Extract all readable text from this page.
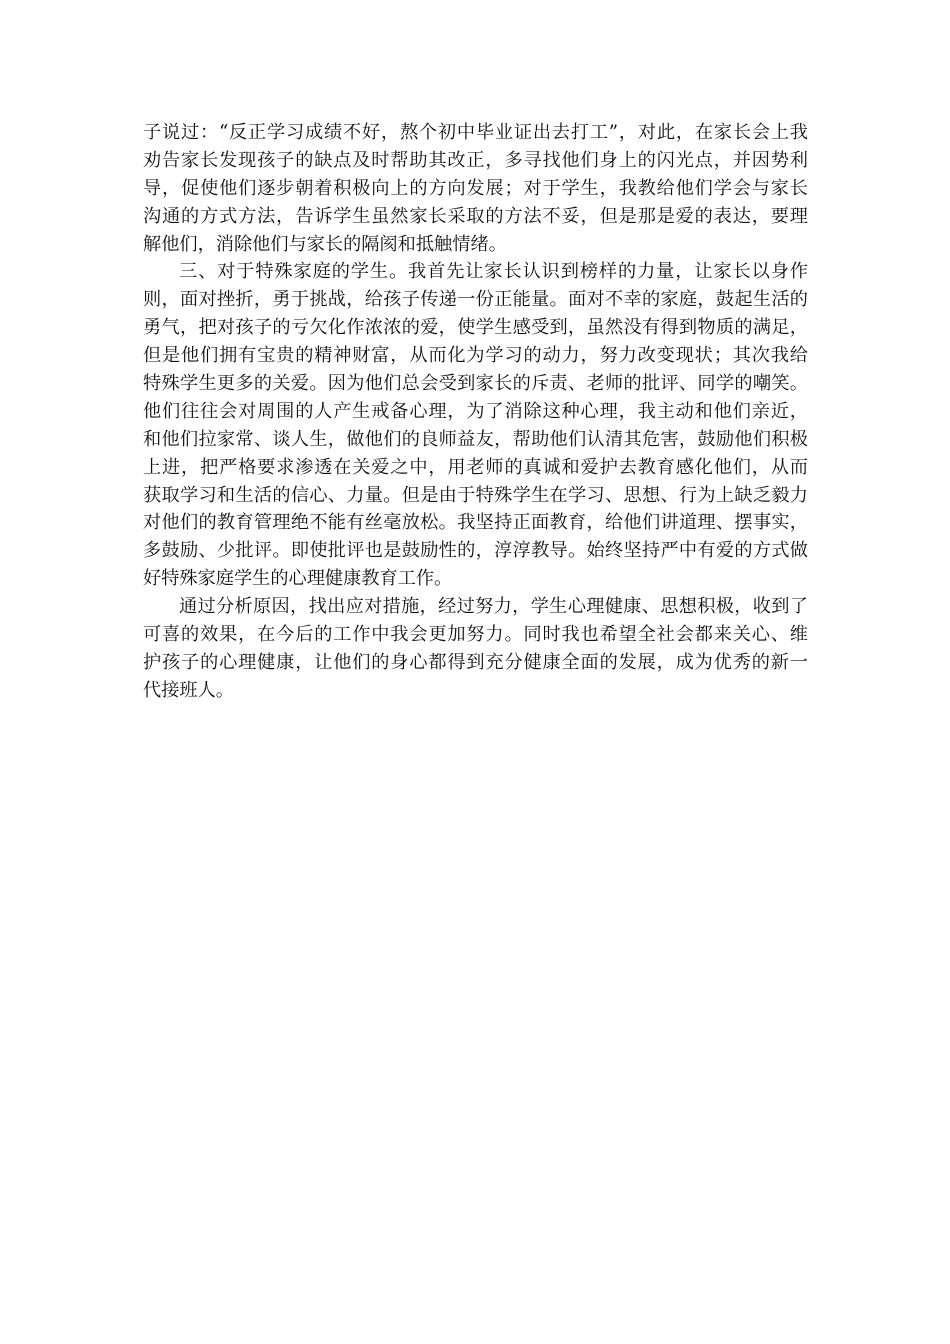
子说过：“反正学习成绩不好，熬个初中毕业证出去打工”，对此，在家长会上我
劝告家长发现孩子的缺点及时帮助其改正，多寻找他们身上的闪光点，并因势利
导，促使他们逐步朝着积极向上的方向发展；对于学生，我教给他们学会与家长
沟通的方式方法，告诉学生虽然家长采取的方法不妥，但是那是爱的表达，要理
解他们，消除他们与家长的隔阂和抵触情绪。
三、对于特殊家庭的学生。我首先让家长认识到榜样的力量，让家长以身作
则，面对挫折，勇于挑战，给孩子传递一份正能量。面对不幸的家庭，鼓起生活的
勇气，把对孩子的亏欠化作浓浓的爱，使学生感受到，虽然没有得到物质的满足，
但是他们拥有宝贵的精神财富，从而化为学习的动力，努力改变现状；其次我给
特殊学生更多的关爱。因为他们总会受到家长的斥责、老师的批评、同学的嘲笑。
他们往往会对周围的人产生戒备心理，为了消除这种心理，我主动和他们亲近，
和他们拉家常、谈人生，做他们的良师益友，帮助他们认清其危害，鼓励他们积极
上进，把严格要求渗透在关爱之中，用老师的真诚和爱护去教育感化他们，从而
获取学习和生活的信心、力量。但是由于特殊学生在学习、思想、行为上缺乏毅力
对他们的教育管理绝不能有丝毫放松。我坚持正面教育，给他们讲道理、摆事实，
多鼓励、少批评。即使批评也是鼓励性的，淳淳教导。始终坚持严中有爱的方式做
好特殊家庭学生的心理健康教育工作。
通过分析原因，找出应对措施，经过努力，学生心理健康、思想积极，收到了
可喜的效果，在今后的工作中我会更加努力。同时我也希望全社会都来关心、维
护孩子的心理健康，让他们的身心都得到充分健康全面的发展，成为优秀的新一
代接班人。
